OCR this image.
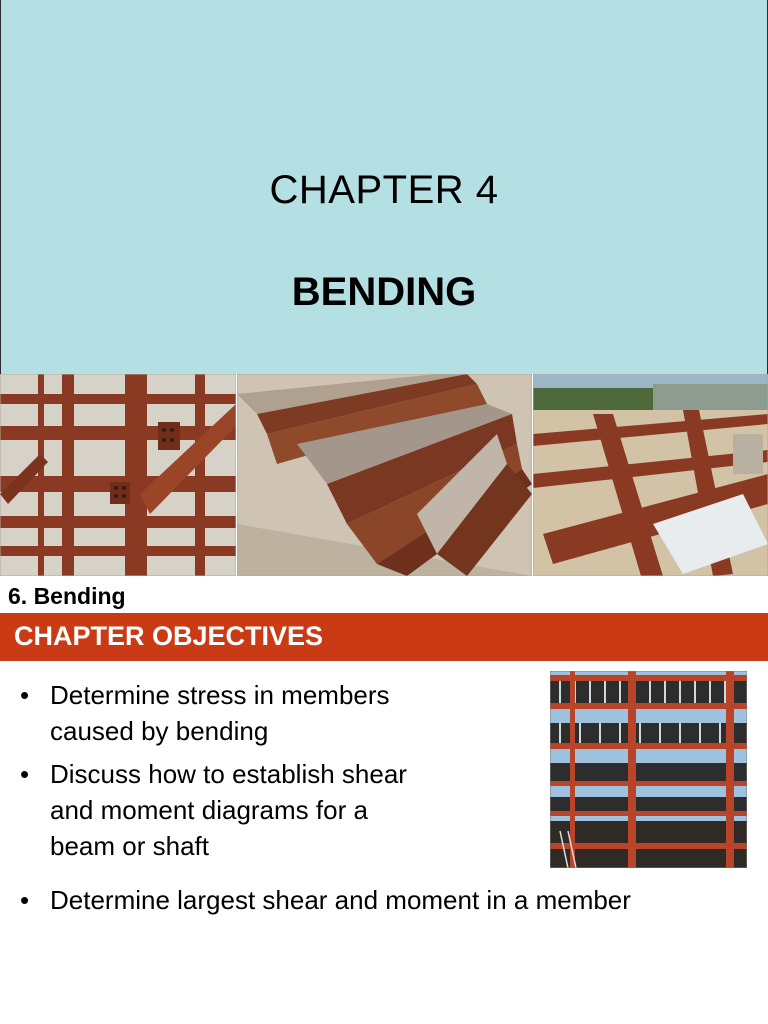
CHAPTER 4
BENDING
6. Bending
CHAPTER OBJECTIVES
• Determine stress in members
caused by bending
• Discuss how to establish shear
and moment diagrams for a
beam or shaft
• Determine largest shear and moment in a member
